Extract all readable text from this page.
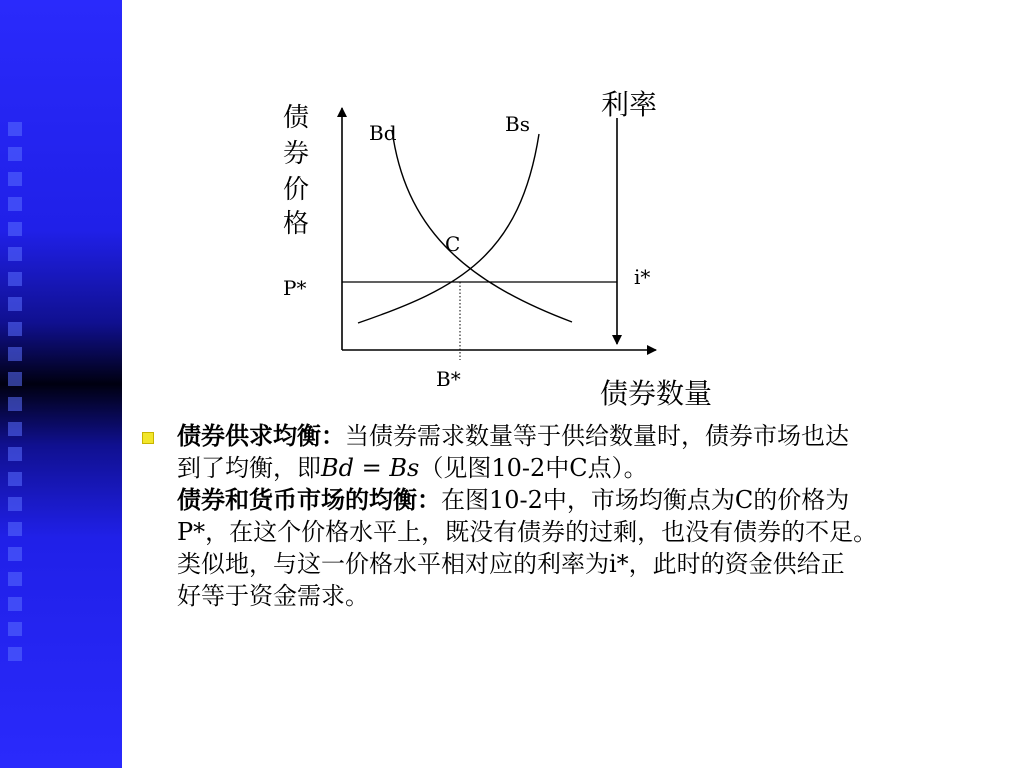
债
券
价
格
利率
债券数量
Bd	Bs
C
P*	i*
B*

债券供求均衡：当债券需求数量等于供给数量时，债券市场也达

到了均衡，即Bd = Bs（见图10-2中C点）。

债券和货币市场的均衡：在图10-2中，市场均衡点为C的价格为

P*，在这个价格水平上，既没有债券的过剩，也没有债券的不足。

类似地，与这一价格水平相对应的利率为i*，此时的资金供给正

好等于资金需求。
